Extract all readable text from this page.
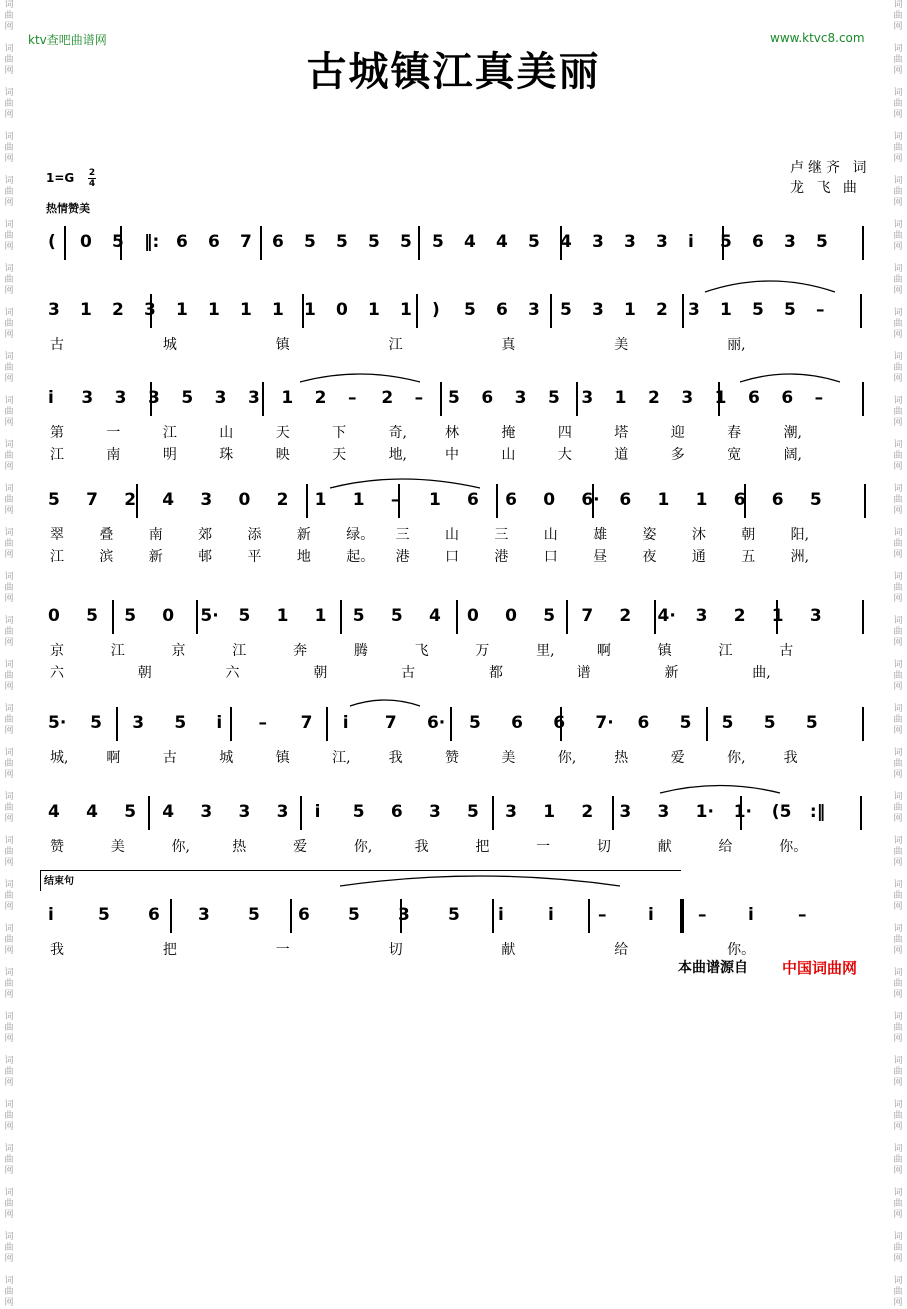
词
曲
网

词
曲
网

词
曲
网

词
曲
网

词
曲
网

词
曲
网

词
曲
网

词
曲
网

词
曲
网

词
曲
网

词
曲
网

词
曲
网

词
曲
网

词
曲
网

词
曲
网

词
曲
网

词
曲
网

词
曲
网

词
曲
网

词
曲
网

词
曲
网

词
曲
网

词
曲
网

词
曲
网

词
曲
网

词
曲
网

词
曲
网

词
曲
网

词
曲
网

词
曲
网

词
曲
网

词
曲
网

词
曲
网

词
曲
网

词
曲
网

词
曲
网

词
曲
网

词
曲
网

词
曲
网

词
曲
网

词
曲
网

词
曲
网

词
曲
网

词
曲
网

词
曲
网

词
曲
网

词
曲
网

词
曲
网

词
曲
网

词
曲
网

词
曲
网

词
曲
网

词
曲
网

词
曲
网

词
曲
网

词
曲
网

词
曲
网

词
曲
网

词
曲
网

词
曲
网

ktv查吧曲谱网	www.ktvc8.com
古城镇江真美丽
1=G 2
4
热情赞美
卢继齐 词
龙 飞 曲
结束句
( 0 5 ‖: 6 6 7 6 5 5 5 5 5 4 4 5 4 3 3 3 i 5 6 3 5
3 1 2 3 1 1 1 1 1 0 1 1 ) 5 6 3 5 3 1 2 3 1 5 5 –
古	城	镇	江	真	美	丽,
i 3 3 3 5 3 3 1 2 – 2 – 5 6 3 5 3 1 2 3 1 6 6 –
第	一	江	山	天	下	奇,	林	掩	四	塔	迎	春	潮,
江	南	明	珠	映	天	地,	中	山	大	道	多	宽	阔,
5 7 2 4 3 0 2 1 1 – 1 6 6 0 6· 6 1 1 6 6 5
翠	叠	南	郊	添	新	绿。 三	山	三	山	雄	姿	沐	朝	阳,
江	滨	新	邨	平	地	起。 港	口	港	口	昼	夜	通	五	洲,
0 5 5 0 5· 5 1 1 5 5 4 0 0 5 7 2 4· 3 2 1 3
京	江	京	江	奔	腾	飞	万	里,	啊	镇	江	古
六	朝	六	朝	古	都	谱	新	曲,
5· 5 3 5 i – 7 i 7 6· 5 6 6 7· 6 5 5 5 5
城,	啊	古	城	镇	江,	我	赞	美	你,	热	爱	你,	我
4 4 5 4 3 3 3 i 5 6 3 5 3 1 2 3 3 1· 1· (5 :‖
赞	美	你,	热	爱	你,	我	把	一	切	献	给	你。
i	5 6 3 5 6 5 3 5 i	i	– i	– i	–
我	把	一	切	献	给	你。
本曲谱源自 中国词曲网
